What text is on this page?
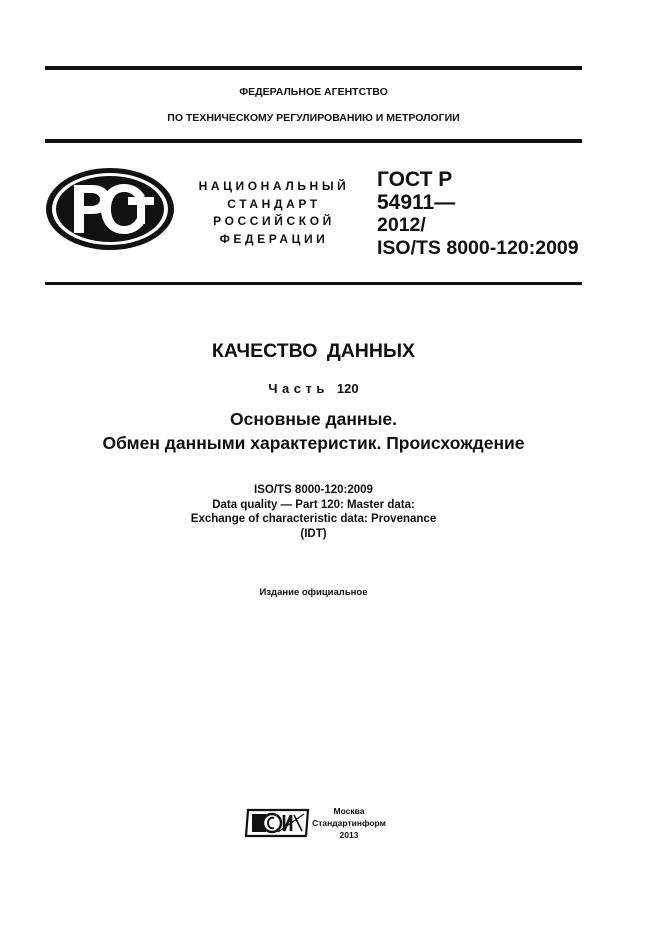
ФЕДЕРАЛЬНОЕ АГЕНТСТВО
ПО ТЕХНИЧЕСКОМУ РЕГУЛИРОВАНИЮ И МЕТРОЛОГИИ
НАЦИОНАЛЬНЫЙ
СТАНДАРТ
РОССИЙСКОЙ
ФЕДЕРАЦИИ
ГОСТ Р
54911—
2012/
ISO/TS 8000-120:2009
КАЧЕСТВО ДАННЫХ
Часть 120
Основные данные.
Обмен данными характеристик. Происхождение
ISO/TS 8000-120:2009
Data quality — Part 120: Master data:
Exchange of characteristic data: Provenance
(IDT)
Издание официальное
Москва
Стандартинформ
2013
